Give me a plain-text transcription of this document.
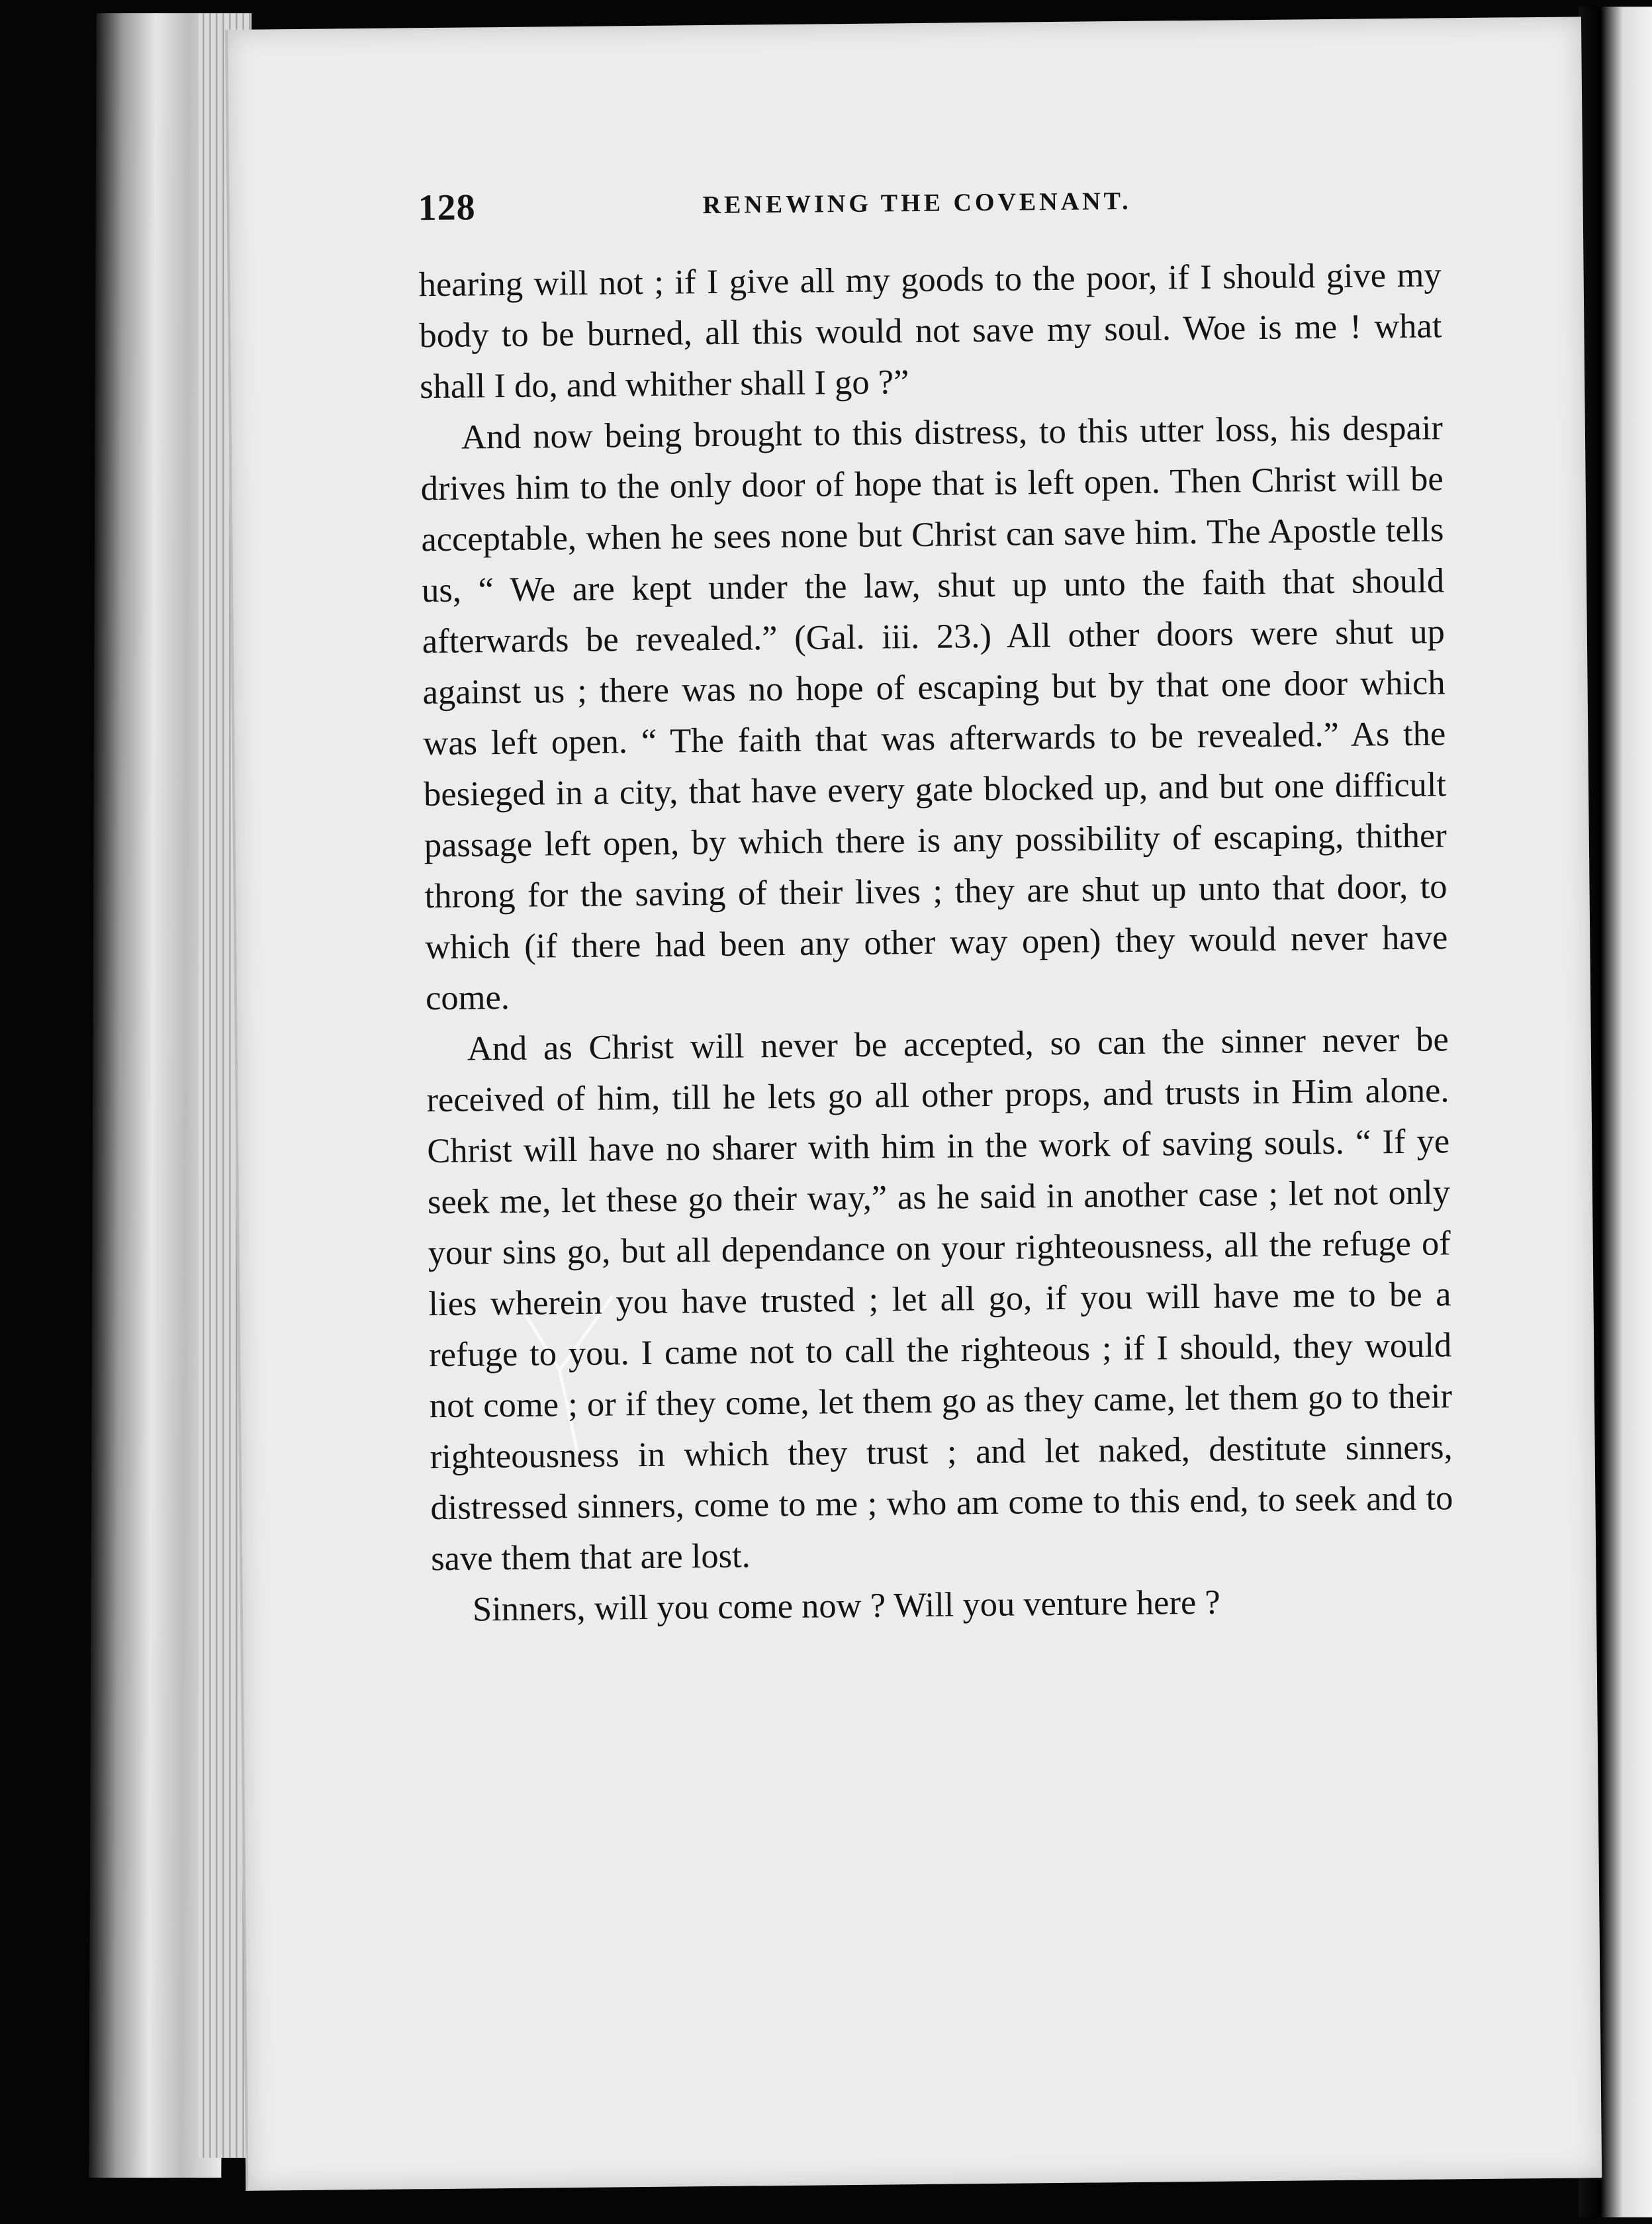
128	RENEWING THE COVENANT.

hearing will not ; if I give all my goods to the poor, if I should give my body to be burned, all this would not save my soul. Woe is me ! what shall I do, and whither shall I go ?”

And now being brought to this distress, to this utter loss, his despair drives him to the only door of hope that is left open. Then Christ will be acceptable, when he sees none but Christ can save him. The Apostle tells us, “ We are kept under the law, shut up unto the faith that should afterwards be revealed.” (Gal. iii. 23.) All other doors were shut up against us ; there was no hope of escaping but by that one door which was left open. “ The faith that was afterwards to be revealed.” As the besieged in a city, that have every gate blocked up, and but one difficult passage left open, by which there is any possibility of escaping, thither throng for the saving of their lives ; they are shut up unto that door, to which (if there had been any other way open) they would never have come.

And as Christ will never be accepted, so can the sinner never be received of him, till he lets go all other props, and trusts in Him alone. Christ will have no sharer with him in the work of saving souls. “ If ye seek me, let these go their way,” as he said in another case ; let not only your sins go, but all dependance on your righteousness, all the refuge of lies wherein you have trusted ; let all go, if you will have me to be a refuge to you. I came not to call the righteous ; if I should, they would not come ; or if they come, let them go as they came, let them go to their righteousness in which they trust ; and let naked, destitute sinners, distressed sinners, come to me ; who am come to this end, to seek and to save them that are lost.

Sinners, will you come now ? Will you venture here ?
